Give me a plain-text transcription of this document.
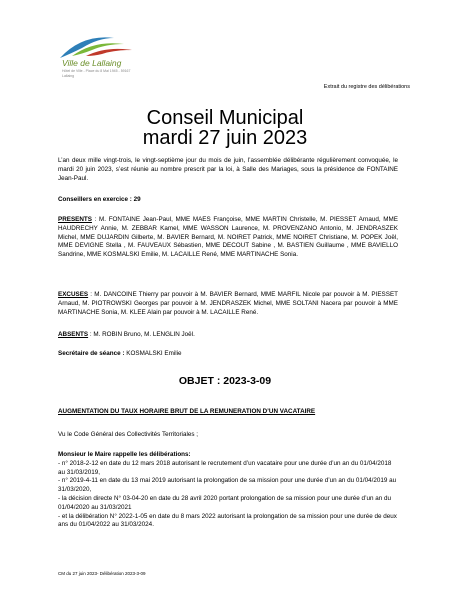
Ville de Lallaing
Hôtel de Ville - Place du 8 Mai 1945 - 59167 Lallaing
Extrait du registre des délibérations
Conseil Municipal
mardi 27 juin 2023
L’an deux mille vingt-trois, le vingt-septième jour du mois de juin, l’assemblée délibérante régulièrement convoquée, le mardi 20 juin 2023, s’est réunie au nombre prescrit par la loi, à Salle des Mariages, sous la présidence de FONTAINE Jean-Paul.
Conseillers en exercice : 29
PRESENTS : M. FONTAINE Jean-Paul, MME MAES Françoise, MME MARTIN Christelle, M. PIESSET Arnaud, MME HAUDRECHY Annie, M. ZEBBAR Kamel, MME WASSON Laurence, M. PROVENZANO Antonio, M. JENDRASZEK Michel, MME DUJARDIN Gilberte, M. BAVIER Bernard, M. NOIRET Patrick, MME NOIRET Christiane, M. POPEK Joël, MME DEVIGNE Stella , M. FAUVEAUX Sébastien, MME DECOUT Sabine , M. BASTIEN Guillaume , MME BAVIELLO Sandrine, MME KOSMALSKI Emilie, M. LACAILLE René, MME MARTINACHE Sonia.
EXCUSES : M. DANCOINE Thierry par pouvoir à M. BAVIER Bernard, MME MARFIL Nicole par pouvoir à M. PIESSET Arnaud, M. PIOTROWSKI Georges par pouvoir à M. JENDRASZEK Michel, MME SOLTANI Nacera par pouvoir à MME MARTINACHE Sonia, M. KLEE Alain par pouvoir à M. LACAILLE René.
ABSENTS : M. ROBIN Bruno, M. LENGLIN Joël.
Secrétaire de séance : KOSMALSKI Emilie
OBJET : 2023-3-09
AUGMENTATION DU TAUX HORAIRE BRUT DE LA REMUNERATION D’UN VACATAIRE
Vu le Code Général des Collectivités Territoriales ;
Monsieur le Maire rappelle les délibérations:
- n° 2018-2-12 en date du 12 mars 2018 autorisant le recrutement d’un vacataire pour une durée d’un an du 01/04/2018 au 31/03/2019,
- n° 2019-4-11 en date du 13 mai 2019 autorisant la prolongation de sa mission pour une durée d’un an du 01/04/2019 au 31/03/2020,
- la décision directe N° 03-04-20 en date du 28 avril 2020 portant prolongation de sa mission pour une durée d’un an du 01/04/2020 au 31/03/2021
- et la délibération N° 2022-1-05 en date du 8 mars 2022 autorisant la prolongation de sa mission pour une durée de deux ans du 01/04/2022 au 31/03/2024.
CM du 27 juin 2023- Délibération 2023-3-09
